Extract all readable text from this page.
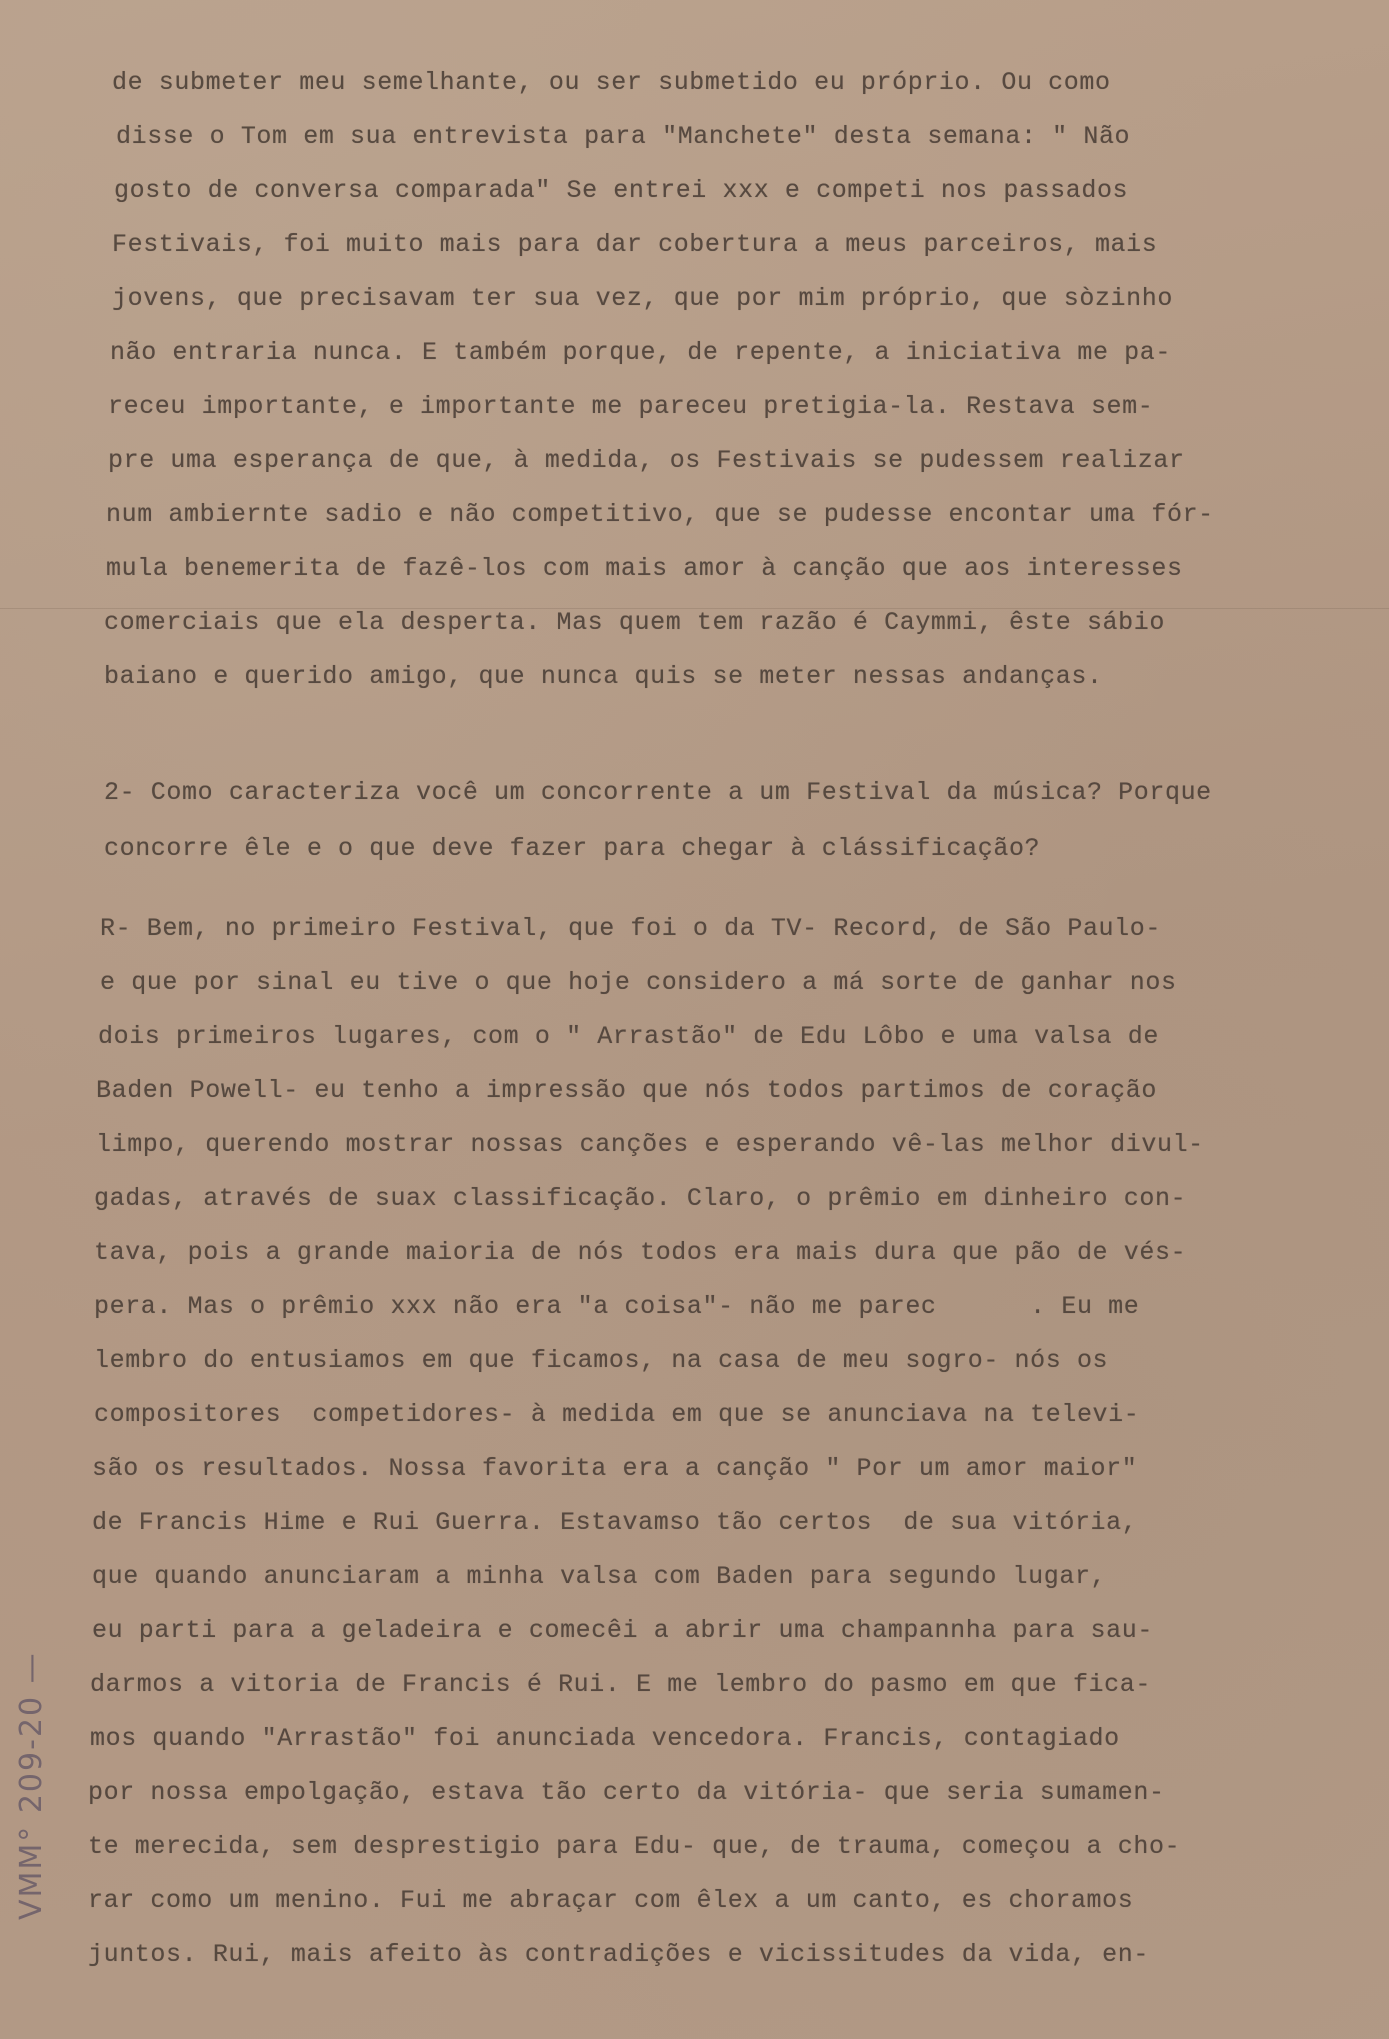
de submeter meu semelhante, ou ser submetido eu próprio. Ou como
disse o Tom em sua entrevista para "Manchete" desta semana: " Não
gosto de conversa comparada" Se entrei xxx e competi nos passados
Festivais, foi muito mais para dar cobertura a meus parceiros, mais
jovens, que precisavam ter sua vez, que por mim próprio, que sòzinho
não entraria nunca. E também porque, de repente, a iniciativa me pa-
receu importante, e importante me pareceu pretigia-la. Restava sem-
pre uma esperança de que, à medida, os Festivais se pudessem realizar
num ambiernte sadio e não competitivo, que se pudesse encontar uma fór-
mula benemerita de fazê-los com mais amor à canção que aos interesses
comerciais que ela desperta. Mas quem tem razão é Caymmi, êste sábio
baiano e querido amigo, que nunca quis se meter nessas andanças.
2- Como caracteriza você um concorrente a um Festival da música? Porque
concorre êle e o que deve fazer para chegar à clássificação?
R- Bem, no primeiro Festival, que foi o da TV- Record, de São Paulo-
e que por sinal eu tive o que hoje considero a má sorte de ganhar nos
dois primeiros lugares, com o " Arrastão" de Edu Lôbo e uma valsa de
Baden Powell- eu tenho a impressão que nós todos partimos de coração
limpo, querendo mostrar nossas canções e esperando vê-las melhor divul-
gadas, através de suax classificação. Claro, o prêmio em dinheiro con-
tava, pois a grande maioria de nós todos era mais dura que pão de vés-
pera. Mas o prêmio xxx não era "a coisa"- não me parec      . Eu me
lembro do entusiamos em que ficamos, na casa de meu sogro- nós os
compositores  competidores- à medida em que se anunciava na televi-
são os resultados. Nossa favorita era a canção " Por um amor maior"
de Francis Hime e Rui Guerra. Estavamso tão certos  de sua vitória,
que quando anunciaram a minha valsa com Baden para segundo lugar,
eu parti para a geladeira e comecêi a abrir uma champannha para sau-
darmos a vitoria de Francis é Rui. E me lembro do pasmo em que fica-
mos quando "Arrastão" foi anunciada vencedora. Francis, contagiado
por nossa empolgação, estava tão certo da vitória- que seria sumamen-
te merecida, sem desprestigio para Edu- que, de trauma, começou a cho-
rar como um menino. Fui me abraçar com êlex a um canto, es choramos
juntos. Rui, mais afeito às contradições e vicissitudes da vida, en-
VMM° 209-20 —
